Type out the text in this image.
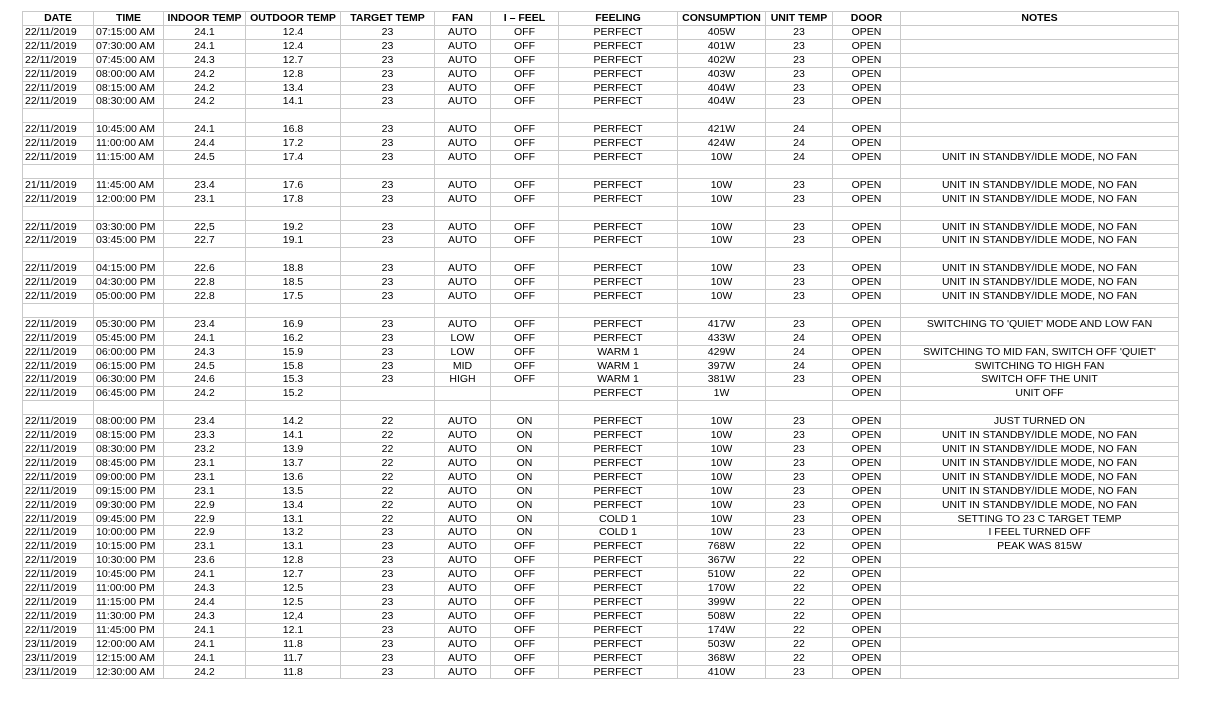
DATE	TIME	INDOOR TEMP	OUTDOOR TEMP	TARGET TEMP	FAN	I – FEEL	FEELING	CONSUMPTION	UNIT TEMP	DOOR	NOTES
22/11/2019	07:15:00 AM	24.1	12.4	23	AUTO	OFF	PERFECT	405W	23	OPEN	
22/11/2019	07:30:00 AM	24.1	12.4	23	AUTO	OFF	PERFECT	401W	23	OPEN	
22/11/2019	07:45:00 AM	24.3	12.7	23	AUTO	OFF	PERFECT	402W	23	OPEN	
22/11/2019	08:00:00 AM	24.2	12.8	23	AUTO	OFF	PERFECT	403W	23	OPEN	
22/11/2019	08:15:00 AM	24.2	13.4	23	AUTO	OFF	PERFECT	404W	23	OPEN	
22/11/2019	08:30:00 AM	24.2	14.1	23	AUTO	OFF	PERFECT	404W	23	OPEN	

22/11/2019	10:45:00 AM	24.1	16.8	23	AUTO	OFF	PERFECT	421W	24	OPEN	
22/11/2019	11:00:00 AM	24.4	17.2	23	AUTO	OFF	PERFECT	424W	24	OPEN	
22/11/2019	11:15:00 AM	24.5	17.4	23	AUTO	OFF	PERFECT	10W	24	OPEN	UNIT IN STANDBY/IDLE MODE, NO FAN

21/11/2019	11:45:00 AM	23.4	17.6	23	AUTO	OFF	PERFECT	10W	23	OPEN	UNIT IN STANDBY/IDLE MODE, NO FAN
22/11/2019	12:00:00 PM	23.1	17.8	23	AUTO	OFF	PERFECT	10W	23	OPEN	UNIT IN STANDBY/IDLE MODE, NO FAN

22/11/2019	03:30:00 PM	22,5	19.2	23	AUTO	OFF	PERFECT	10W	23	OPEN	UNIT IN STANDBY/IDLE MODE, NO FAN
22/11/2019	03:45:00 PM	22.7	19.1	23	AUTO	OFF	PERFECT	10W	23	OPEN	UNIT IN STANDBY/IDLE MODE, NO FAN

22/11/2019	04:15:00 PM	22.6	18.8	23	AUTO	OFF	PERFECT	10W	23	OPEN	UNIT IN STANDBY/IDLE MODE, NO FAN
22/11/2019	04:30:00 PM	22.8	18.5	23	AUTO	OFF	PERFECT	10W	23	OPEN	UNIT IN STANDBY/IDLE MODE, NO FAN
22/11/2019	05:00:00 PM	22.8	17.5	23	AUTO	OFF	PERFECT	10W	23	OPEN	UNIT IN STANDBY/IDLE MODE, NO FAN

22/11/2019	05:30:00 PM	23.4	16.9	23	AUTO	OFF	PERFECT	417W	23	OPEN	SWITCHING TO 'QUIET' MODE AND LOW FAN
22/11/2019	05:45:00 PM	24.1	16.2	23	LOW	OFF	PERFECT	433W	24	OPEN	
22/11/2019	06:00:00 PM	24.3	15.9	23	LOW	OFF	WARM 1	429W	24	OPEN	SWITCHING TO MID FAN, SWITCH OFF 'QUIET'
22/11/2019	06:15:00 PM	24.5	15.8	23	MID	OFF	WARM 1	397W	24	OPEN	SWITCHING TO HIGH FAN
22/11/2019	06:30:00 PM	24.6	15.3	23	HIGH	OFF	WARM 1	381W	23	OPEN	SWITCH OFF THE UNIT
22/11/2019	06:45:00 PM	24.2	15.2				PERFECT	1W		OPEN	UNIT OFF

22/11/2019	08:00:00 PM	23.4	14.2	22	AUTO	ON	PERFECT	10W	23	OPEN	JUST TURNED ON
22/11/2019	08:15:00 PM	23.3	14.1	22	AUTO	ON	PERFECT	10W	23	OPEN	UNIT IN STANDBY/IDLE MODE, NO FAN
22/11/2019	08:30:00 PM	23.2	13.9	22	AUTO	ON	PERFECT	10W	23	OPEN	UNIT IN STANDBY/IDLE MODE, NO FAN
22/11/2019	08:45:00 PM	23.1	13.7	22	AUTO	ON	PERFECT	10W	23	OPEN	UNIT IN STANDBY/IDLE MODE, NO FAN
22/11/2019	09:00:00 PM	23.1	13.6	22	AUTO	ON	PERFECT	10W	23	OPEN	UNIT IN STANDBY/IDLE MODE, NO FAN
22/11/2019	09:15:00 PM	23.1	13.5	22	AUTO	ON	PERFECT	10W	23	OPEN	UNIT IN STANDBY/IDLE MODE, NO FAN
22/11/2019	09:30:00 PM	22.9	13.4	22	AUTO	ON	PERFECT	10W	23	OPEN	UNIT IN STANDBY/IDLE MODE, NO FAN
22/11/2019	09:45:00 PM	22.9	13.1	22	AUTO	ON	COLD 1	10W	23	OPEN	SETTING TO 23 C TARGET TEMP
22/11/2019	10:00:00 PM	22.9	13.2	23	AUTO	ON	COLD 1	10W	23	OPEN	I FEEL TURNED OFF
22/11/2019	10:15:00 PM	23.1	13.1	23	AUTO	OFF	PERFECT	768W	22	OPEN	PEAK WAS 815W
22/11/2019	10:30:00 PM	23.6	12.8	23	AUTO	OFF	PERFECT	367W	22	OPEN	
22/11/2019	10:45:00 PM	24.1	12.7	23	AUTO	OFF	PERFECT	510W	22	OPEN	
22/11/2019	11:00:00 PM	24.3	12.5	23	AUTO	OFF	PERFECT	170W	22	OPEN	
22/11/2019	11:15:00 PM	24.4	12.5	23	AUTO	OFF	PERFECT	399W	22	OPEN	
22/11/2019	11:30:00 PM	24.3	12,4	23	AUTO	OFF	PERFECT	508W	22	OPEN	
22/11/2019	11:45:00 PM	24.1	12.1	23	AUTO	OFF	PERFECT	174W	22	OPEN	
23/11/2019	12:00:00 AM	24.1	11.8	23	AUTO	OFF	PERFECT	503W	22	OPEN	
23/11/2019	12:15:00 AM	24.1	11.7	23	AUTO	OFF	PERFECT	368W	22	OPEN	
23/11/2019	12:30:00 AM	24.2	11.8	23	AUTO	OFF	PERFECT	410W	23	OPEN	
